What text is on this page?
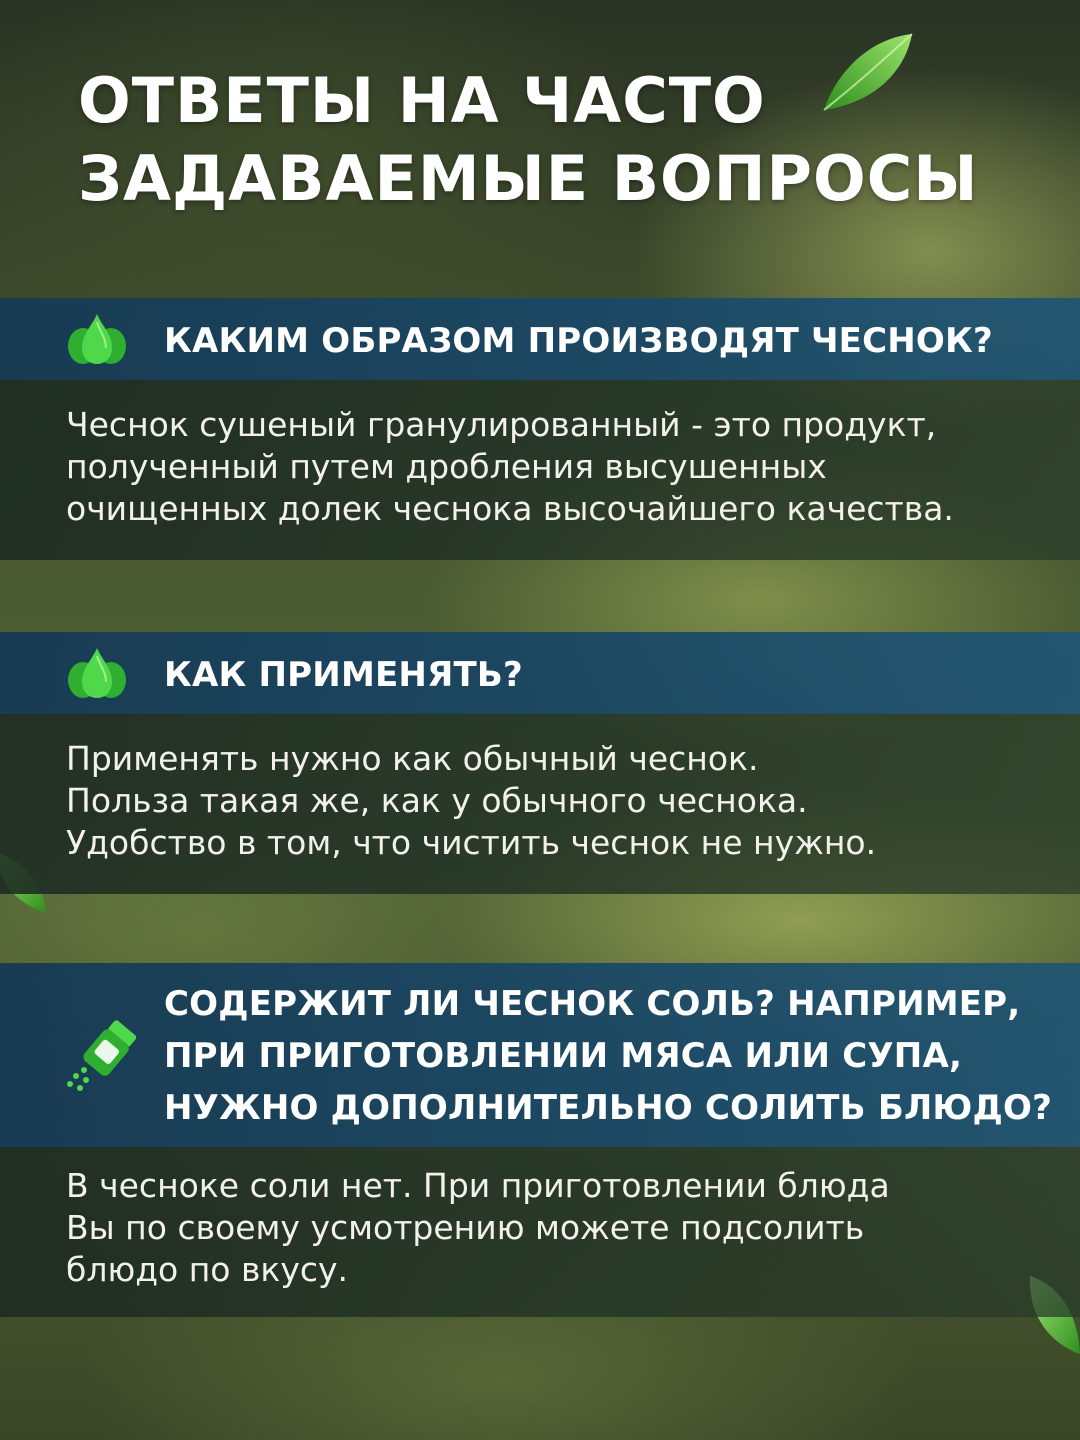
ОТВЕТЫ НА ЧАСТО
ЗАДАВАЕМЫЕ ВОПРОСЫ
КАКИМ ОБРАЗОМ ПРОИЗВОДЯТ ЧЕСНОК?

Чеснок сушеный гранулированный - это продукт,
полученный путем дробления высушенных
очищенных долек чеснока высочайшего качества.

КАК ПРИМЕНЯТЬ?

Применять нужно как обычный чеснок.
Польза такая же, как у обычного чеснока.
Удобство в том, что чистить чеснок не нужно.

СОДЕРЖИТ ЛИ ЧЕСНОК СОЛЬ? НАПРИМЕР,
ПРИ ПРИГОТОВЛЕНИИ МЯСА ИЛИ СУПА,
НУЖНО ДОПОЛНИТЕЛЬНО СОЛИТЬ БЛЮДО?

В чесноке соли нет. При приготовлении блюда
Вы по своему усмотрению можете подсолить
блюдо по вкусу.
